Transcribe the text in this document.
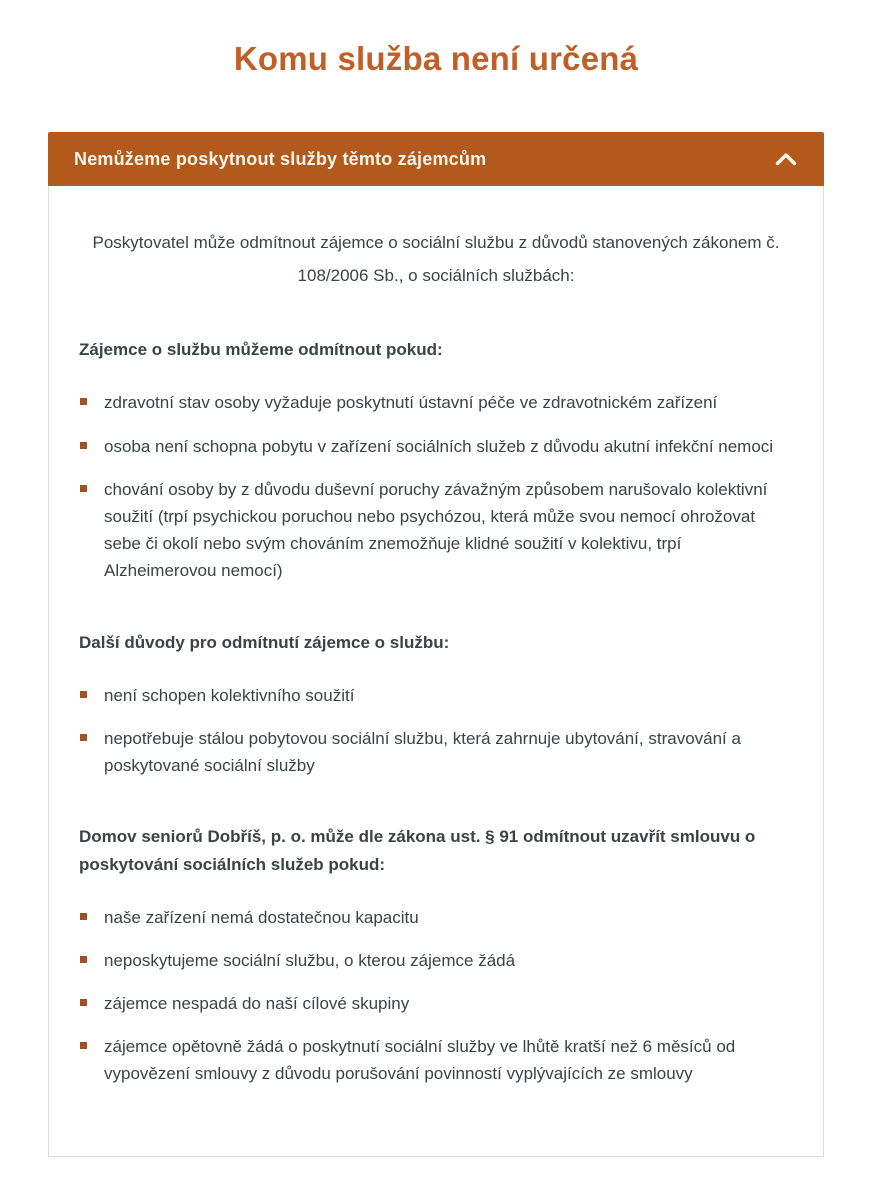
Komu služba není určená
Nemůžeme poskytnout služby těmto zájemcům

Poskytovatel může odmítnout zájemce o sociální službu z důvodů stanovených zákonem č. 108/2006 Sb., o sociálních službách:

Zájemce o službu můžeme odmítnout pokud:
zdravotní stav osoby vyžaduje poskytnutí ústavní péče ve zdravotnickém zařízení
osoba není schopna pobytu v zařízení sociálních služeb z důvodu akutní infekční nemoci
chování osoby by z důvodu duševní poruchy závažným způsobem narušovalo kolektivní soužití (trpí psychickou poruchou nebo psychózou, která může svou nemocí ohrožovat sebe či okolí nebo svým chováním znemožňuje klidné soužití v kolektivu, trpí Alzheimerovou nemocí)
Další důvody pro odmítnutí zájemce o službu:
není schopen kolektivního soužití
nepotřebuje stálou pobytovou sociální službu, která zahrnuje ubytování, stravování a poskytované sociální služby
Domov seniorů Dobříš, p. o. může dle zákona ust. § 91 odmítnout uzavřít smlouvu o poskytování sociálních služeb pokud:
naše zařízení nemá dostatečnou kapacitu
neposkytujeme sociální službu, o kterou zájemce žádá
zájemce nespadá do naší cílové skupiny
zájemce opětovně žádá o poskytnutí sociální služby ve lhůtě kratší než 6 měsíců od vypovězení smlouvy z důvodu porušování povinností vyplývajících ze smlouvy
